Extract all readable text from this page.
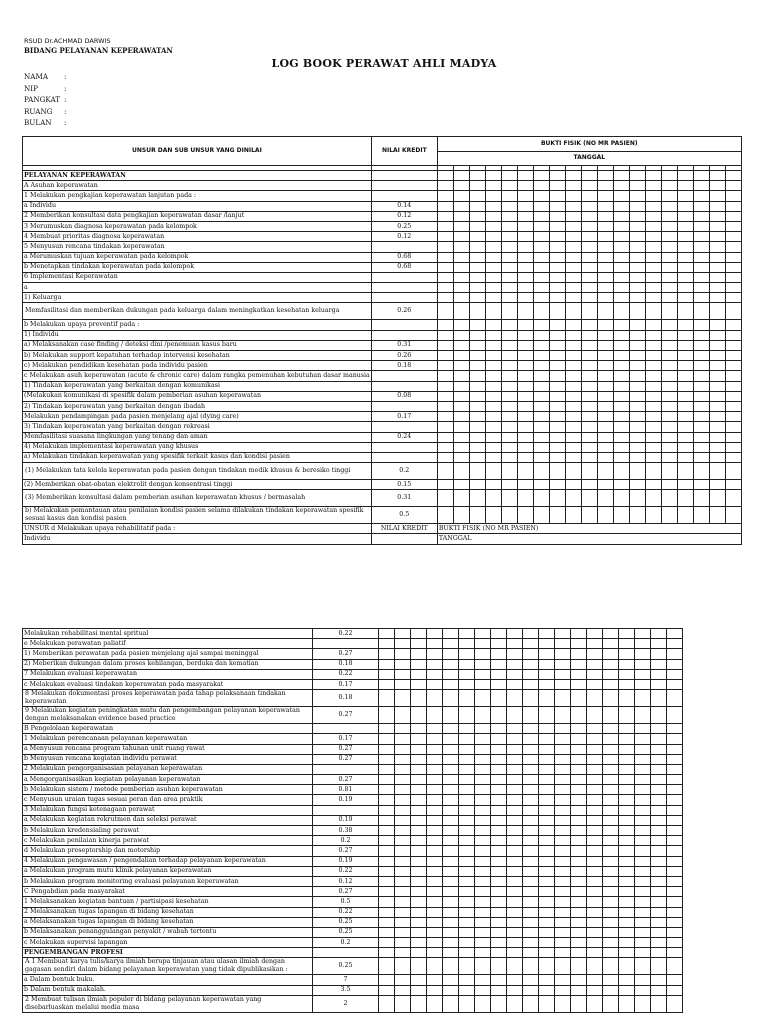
RSUD Dr.ACHMAD DARWIS
BIDANG PELAYANAN KEPERAWATAN
LOG BOOK PERAWAT AHLI MADYA
NAMA	:
NIP	:
PANGKAT :
RUANG	:
BULAN	:
UNSUR DAN SUB UNSUR YANG DINILAI	NILAI KREDIT	BUKTI FISIK (NO MR PASIEN)																		
		TANGGAL																		

PELAYANAN KEPERAWATAN																				
A Asuhan keperawatan																				
1 Melakukan pengkajian keperawatan lanjutan pada :																				
a Individu	0.14																			
2 Memberikan konsultasi data pengkajian keperawatan dasar /lanjut	0.12																			
3 Merumuskan diagnosa keperawatan pada kelompok	0.25																			
4 Membuat prioritas diagnosa keperawatan	0.12																			
5 Menyusun rencana tindakan keperawatan																				
a Merumuskan tujuan keperawatan pada kelompok	0.68																			
b Menetapkan tindakan keperawatan pada kelompok	0.68																			
6 Implementasi Keperawatan																				
a																				
1) Keluarga																				
Memfasilitasi dan memberikan dukungan pada keluarga dalam meningkatkan kesehatan keluarga	0.26																			
b Melakukan upaya preventif pada :																				
1) Individu																				
a) Melaksanakan case finding / deteksi dini /penemuan kasus baru	0.31																			
b) Melakukan support kepatuhan terhadap intervensi kesehatan	0.26																			
c) Melakukan pendidikan kesehatan pada individu pasien	0.18																			
c Melakukan asuh keperawatan (acute & chronic care) dalam rangka pemenuhan kebutuhan dasar manusia																				
1) Tindakan keperawatan yang berkaitan dengan komunikasi																				
(Melakukan komunikasi di spesifik dalam pemberian asuhan keperawatan	0.08																			
2) Tindakan keperawatan yang berkaitan dengan ibadah																				
Melakukan pendampingan pada pasien menjelang ajal (dying care)	0.17																			
3) Tindakan keperawatan yang berkaitan dengan rekreasi																				
Memfasilitasi suasana lingkungan yang tenang dan aman	0.24																			
4) Melakukan implementasi keperawatan yang khusus																				
a) Melakukan tindakan keperawatan yang spesifik terkait kasus dan kondisi pasien																				
(1) Melakukan tata kelola keperawatan pada pasien dengan tindakan medik khusus & beresiko tinggi	0.2																			
(2) Memberikan obat-obatan elektrolit dengan konsentrasi tinggi	0.15																			
(3) Memberikan konsultasi dalam pemberian asuhan keperawatan khusus / bermasalah	0.31																			
b) Melakukan pemantauan atau penilaian kondisi pasien selama dilakukan tindakan keperawatan spesifik sesuai kasus dan kondisi pasien	0.5																			
UNSUR d Melakukan upaya rehabilitatif pada :	NILAI KREDIT	BUKTI FISIK (NO MR PASIEN)																		
Individu		TANGGAL																		
Melakukan rehabilitasi mental spritual	0.22																			
e Melakukan perawatan paliatif																				
1) Memberikan perawatan pada pasien menjelang ajal sampai meninggal	0.27																			
2) Meberikan dukungan dalam proses kehilangan, berduka dan kematian	0.18																			
7 Melakukan evaluasi keperawatan	0.22																			
c Melakukan evaluasi tindakan keperawatan pada masyarakat	0.17																			
8 Melakukan dokumentasi proses keperawatan pada tahap pelaksanaan tindakan keperawatan	0.18																			
9 Melakukan kegiatan peningkatan mutu dan pengembangan pelayanan keperawatan dengan melaksanakan evidence based practice	0.27																			
B Pengelolaan keperawatan																				
1 Melakukan perencanaan pelayanan keperawatan	0.17																			
a Menyusun rencana program tahunan unit ruang rawat	0.27																			
b Menyusun rencana kegiatan individu perawat	0.27																			
2 Melakukan pengorganisasian pelayanan keperawatan																				
a Mengorganisasikan kegiatan pelayanan keperawatan	0.27																			
b Melakukan sistem / metode pemberian asuhan keperawatan	0.81																			
c Menyusun uraian tugas sesuai peran dan area praktik	0.19																			
3 Melakukan fungsi ketenagaan perawat																				
a Melakukan kegiatan rekrutmen dan seleksi perawat	0.19																			
b Melakukan kredensialing perawat	0.38																			
c Melakukan penilaian kinerja perawat	0.2																			
d Melakukan preseptorship dan motorship	0.27																			
4 Melakukan pengawasan / pengendalian terhadap pelayanan keperawatan	0.19																			
a Melakukan program mutu klinik pelayanan keperawatan	0.22																			
b Melakukan program monitoring evaluasi pelayanan keperawatan	0.12																			
C Pengabdian pada masyarakat	0.27																			
1 Melaksanakan kegiatan bantuan / partisipasi kesehatan	0.5																			
2 Melaksanakan tugas lapangan di bidang kesehatan	0.22																			
a Melaksanakan tugas lapangan di bidang kesehatan	0.25																			
b Melaksanakan penanggulangan penyakit / wabah tertentu	0.25																			
c Melakukan supervisi lapangan	0.2																			
PENGEMBANGAN PROFESI																				
A 1 Membuat karya tulis/karya ilmiah berupa tinjauan atau ulasan ilmiah dengan gagasan sendiri dalam bidang pelayanan keperawatan yang tidak dipublikasikan :	0.25																			
a Dalam bentuk buku.	7																			
b Dalam bentuk makalah.	3.5																			
2 Membuat tulisan ilmiah populer di bidang pelayanan keperawatan yang disebarluaskan melalui media masa	2																			
